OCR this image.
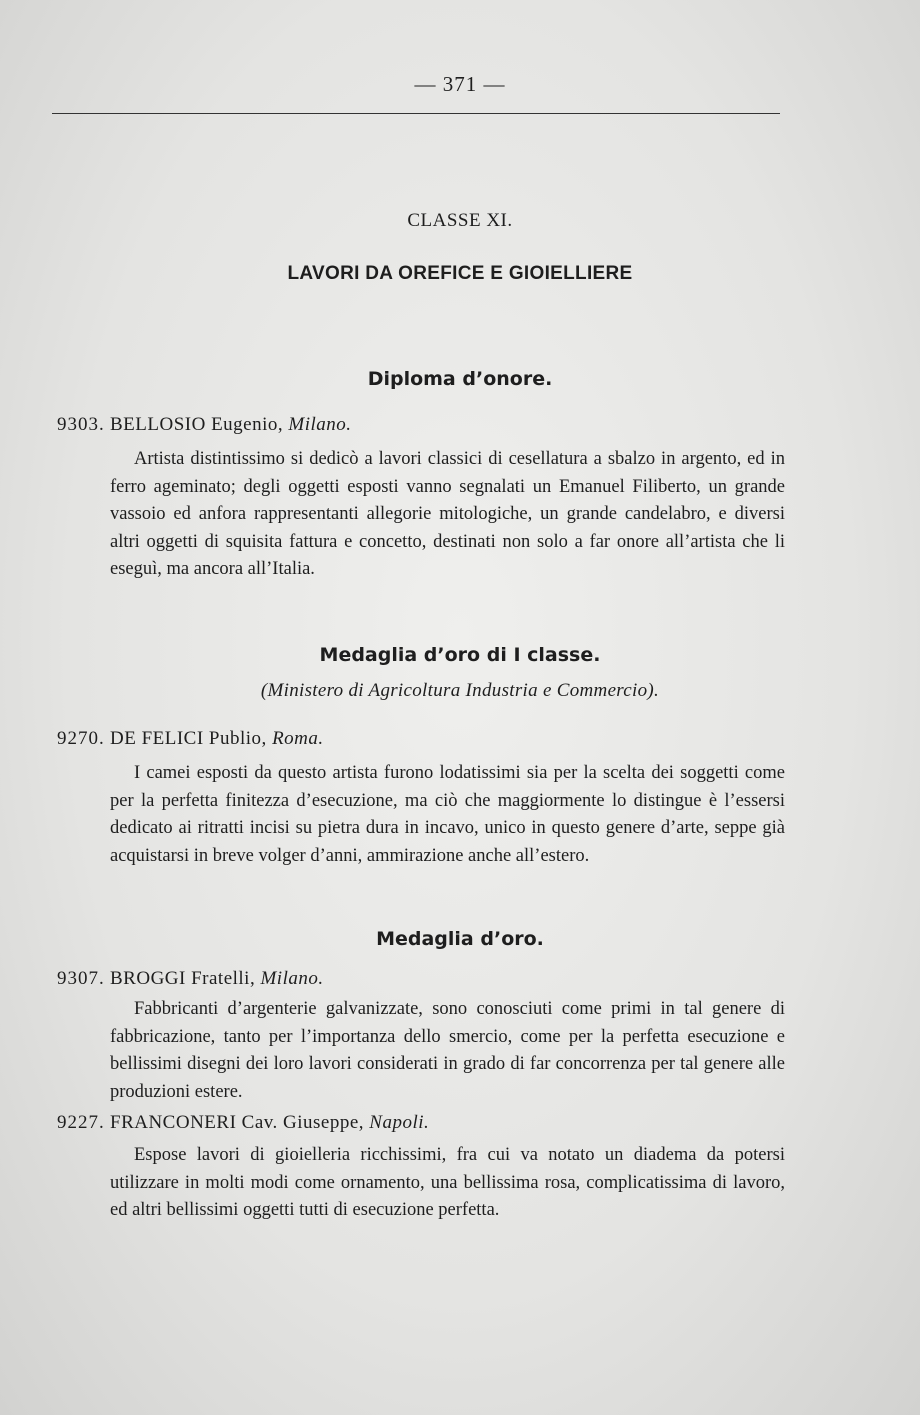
— 371 —
CLASSE XI.
LAVORI DA OREFICE E GIOIELLIERE
Diploma d’onore.
9303. BELLOSIO Eugenio, Milano.
Artista distintissimo si dedicò a lavori classici di cesellatura a sbalzo in argento, ed in ferro ageminato; degli oggetti esposti vanno segnalati un Emanuel Filiberto, un grande vassoio ed anfora rappresentanti allegorie mitologiche, un grande candelabro, e diversi altri oggetti di squisita fattura e concetto, destinati non solo a far onore all’artista che li eseguì, ma ancora all’Italia.
Medaglia d’oro di I classe.
(Ministero di Agricoltura Industria e Commercio).
9270. DE FELICI Publio, Roma.
I camei esposti da questo artista furono lodatissimi sia per la scelta dei soggetti come per la perfetta finitezza d’esecuzione, ma ciò che maggiormente lo distingue è l’essersi dedicato ai ritratti incisi su pietra dura in incavo, unico in questo genere d’arte, seppe già acquistarsi in breve volger d’anni, ammirazione anche all’estero.
Medaglia d’oro.
9307. BROGGI Fratelli, Milano.
Fabbricanti d’argenterie galvanizzate, sono conosciuti come primi in tal genere di fabbricazione, tanto per l’importanza dello smercio, come per la perfetta esecuzione e bellissimi disegni dei loro lavori considerati in grado di far concorrenza per tal genere alle produzioni estere.
9227. FRANCONERI Cav. Giuseppe, Napoli.
Espose lavori di gioielleria ricchissimi, fra cui va notato un diadema da potersi utilizzare in molti modi come ornamento, una bellissima rosa, complicatissima di lavoro, ed altri bellissimi oggetti tutti di esecuzione perfetta.
